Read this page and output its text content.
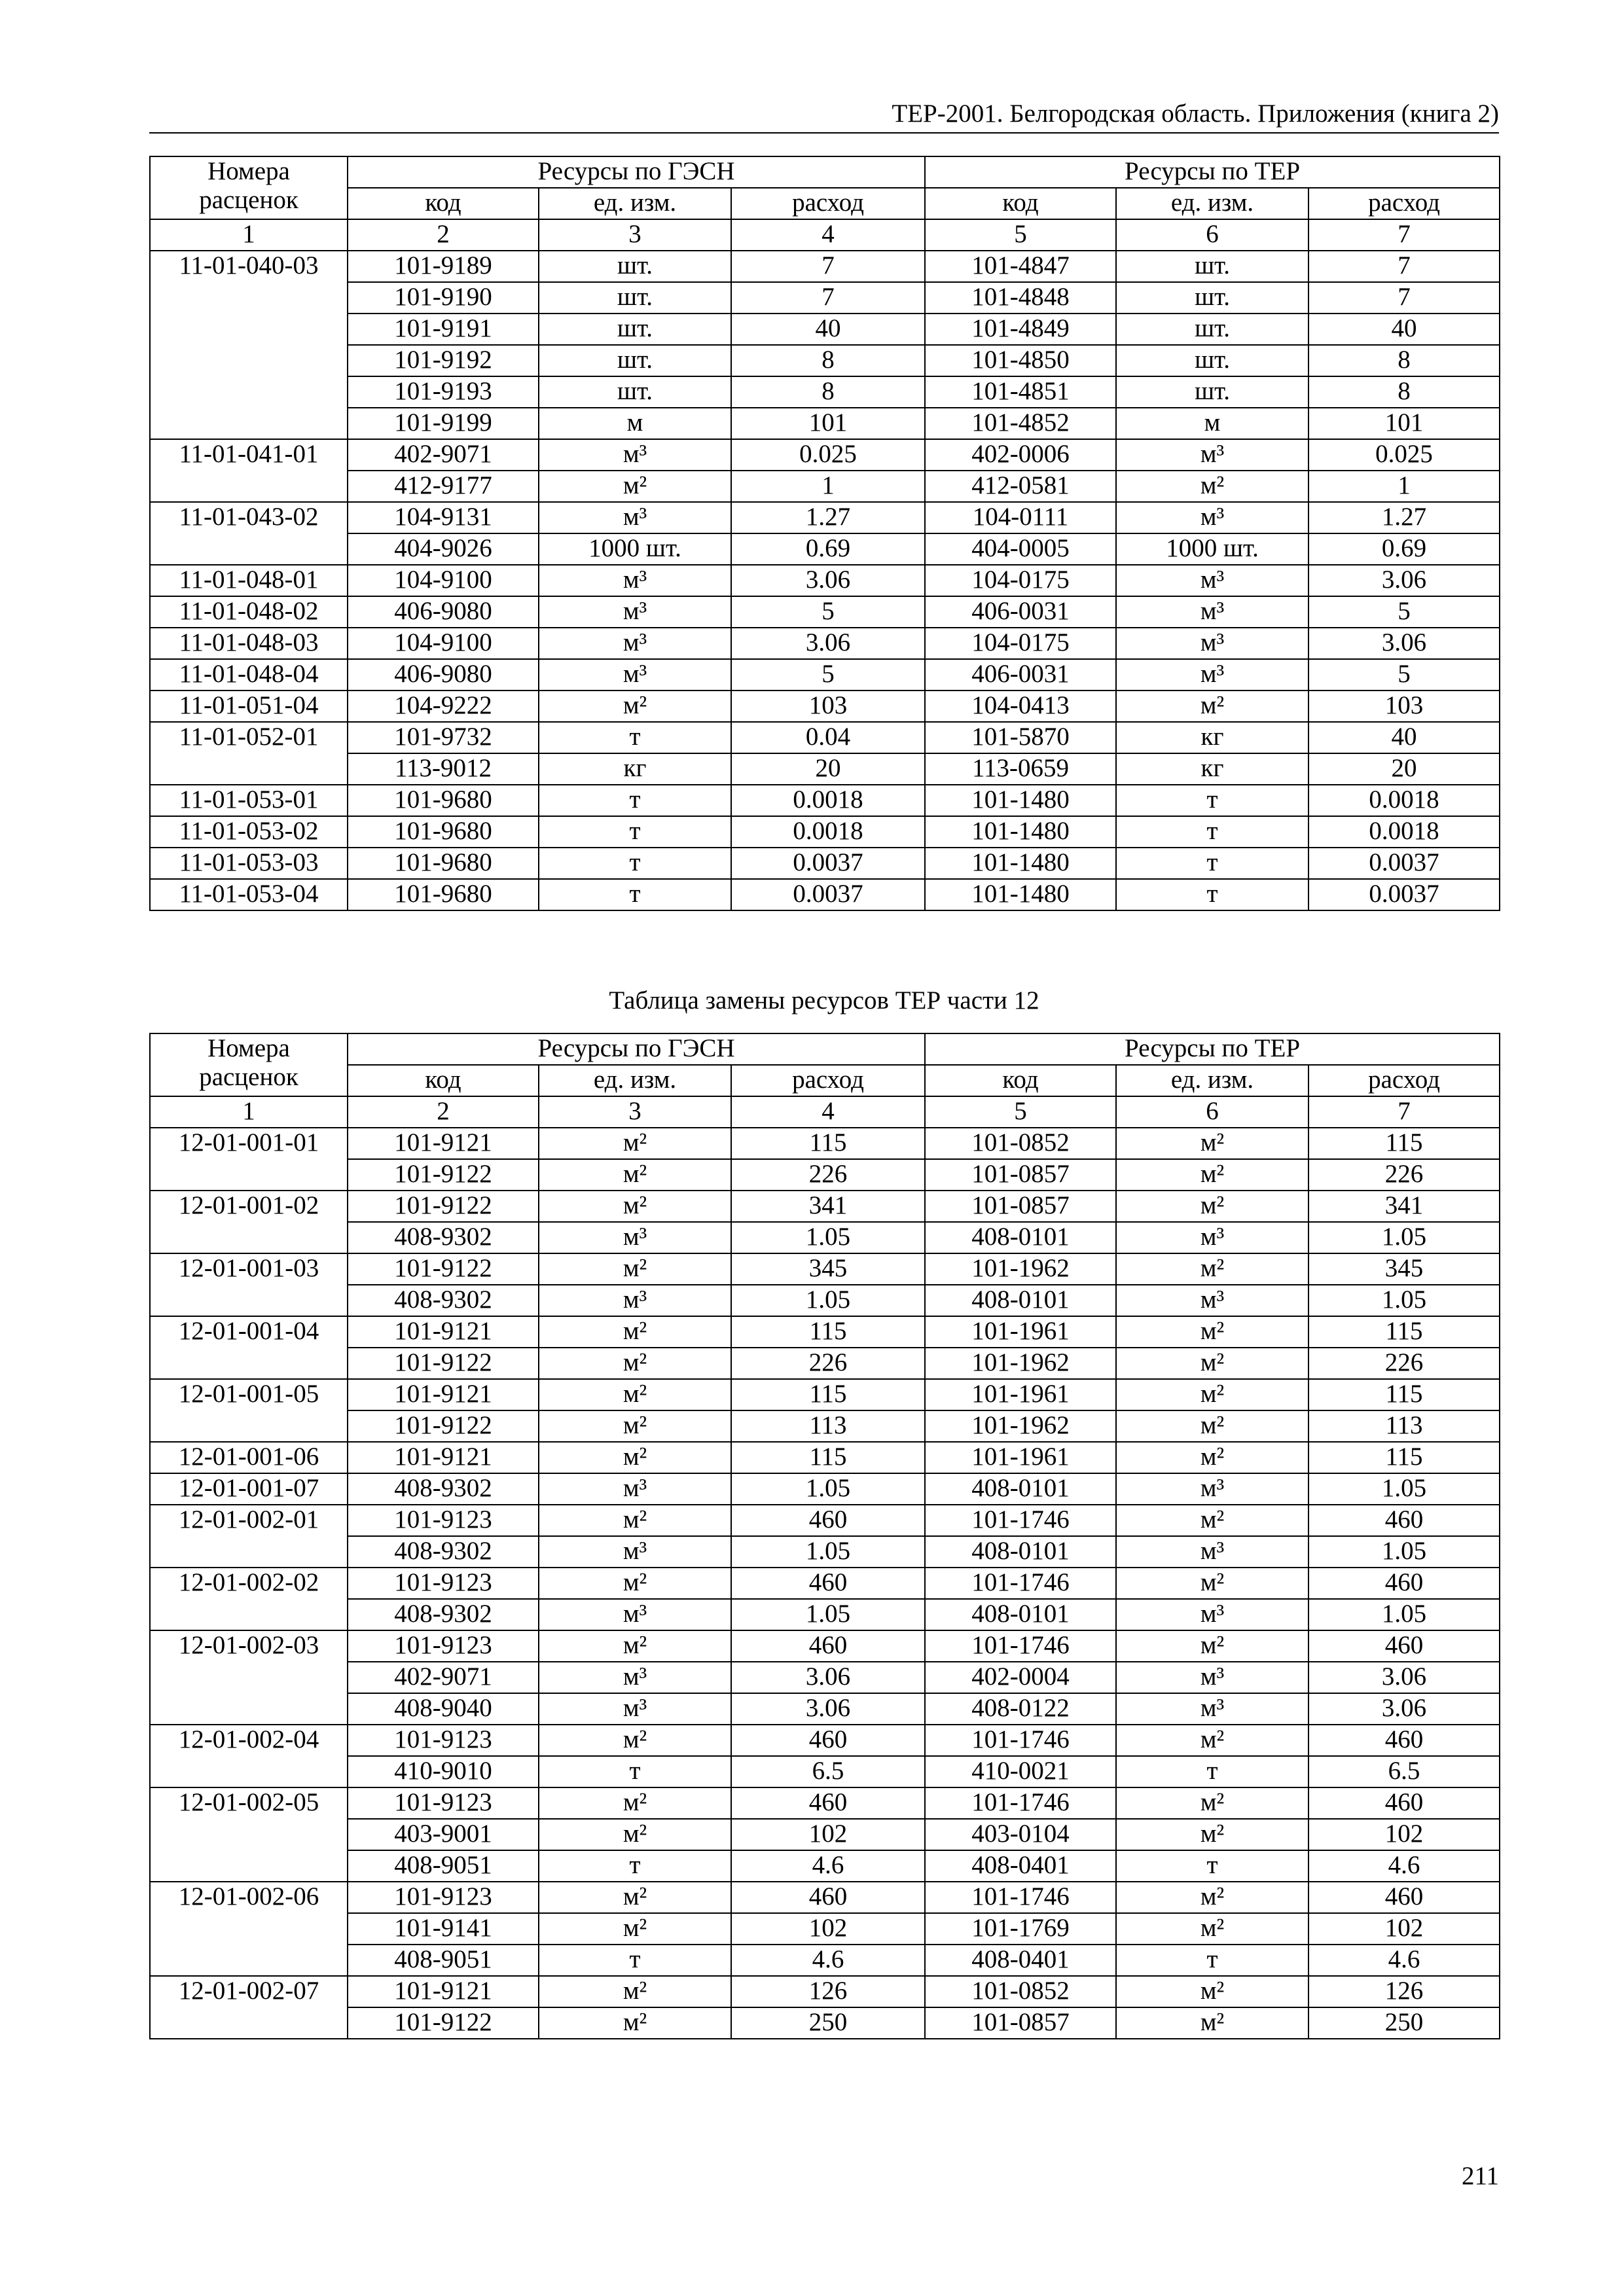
ТЕР-2001. Белгородская область. Приложения (книга 2)
Номера
расценок	Ресурсы по ГЭСН			Ресурсы по ТЕР		
	код	ед. изм.	расход	код	ед. изм.	расход
1	2	3	4	5	6	7
11-01-040-03	101-9189	шт.	7	101-4847	шт.	7
	101-9190	шт.	7	101-4848	шт.	7
	101-9191	шт.	40	101-4849	шт.	40
	101-9192	шт.	8	101-4850	шт.	8
	101-9193	шт.	8	101-4851	шт.	8
	101-9199	м	101	101-4852	м	101
11-01-041-01	402-9071	м³	0.025	402-0006	м³	0.025
	412-9177	м²	1	412-0581	м²	1
11-01-043-02	104-9131	м³	1.27	104-0111	м³	1.27
	404-9026	1000 шт.	0.69	404-0005	1000 шт.	0.69
11-01-048-01	104-9100	м³	3.06	104-0175	м³	3.06
11-01-048-02	406-9080	м³	5	406-0031	м³	5
11-01-048-03	104-9100	м³	3.06	104-0175	м³	3.06
11-01-048-04	406-9080	м³	5	406-0031	м³	5
11-01-051-04	104-9222	м²	103	104-0413	м²	103
11-01-052-01	101-9732	т	0.04	101-5870	кг	40
	113-9012	кг	20	113-0659	кг	20
11-01-053-01	101-9680	т	0.0018	101-1480	т	0.0018
11-01-053-02	101-9680	т	0.0018	101-1480	т	0.0018
11-01-053-03	101-9680	т	0.0037	101-1480	т	0.0037
11-01-053-04	101-9680	т	0.0037	101-1480	т	0.0037
Таблица замены ресурсов ТЕР части 12
Номера
расценок	Ресурсы по ГЭСН			Ресурсы по ТЕР		
	код	ед. изм.	расход	код	ед. изм.	расход
1	2	3	4	5	6	7
12-01-001-01	101-9121	м²	115	101-0852	м²	115
	101-9122	м²	226	101-0857	м²	226
12-01-001-02	101-9122	м²	341	101-0857	м²	341
	408-9302	м³	1.05	408-0101	м³	1.05
12-01-001-03	101-9122	м²	345	101-1962	м²	345
	408-9302	м³	1.05	408-0101	м³	1.05
12-01-001-04	101-9121	м²	115	101-1961	м²	115
	101-9122	м²	226	101-1962	м²	226
12-01-001-05	101-9121	м²	115	101-1961	м²	115
	101-9122	м²	113	101-1962	м²	113
12-01-001-06	101-9121	м²	115	101-1961	м²	115
12-01-001-07	408-9302	м³	1.05	408-0101	м³	1.05
12-01-002-01	101-9123	м²	460	101-1746	м²	460
	408-9302	м³	1.05	408-0101	м³	1.05
12-01-002-02	101-9123	м²	460	101-1746	м²	460
	408-9302	м³	1.05	408-0101	м³	1.05
12-01-002-03	101-9123	м²	460	101-1746	м²	460
	402-9071	м³	3.06	402-0004	м³	3.06
	408-9040	м³	3.06	408-0122	м³	3.06
12-01-002-04	101-9123	м²	460	101-1746	м²	460
	410-9010	т	6.5	410-0021	т	6.5
12-01-002-05	101-9123	м²	460	101-1746	м²	460
	403-9001	м²	102	403-0104	м²	102
	408-9051	т	4.6	408-0401	т	4.6
12-01-002-06	101-9123	м²	460	101-1746	м²	460
	101-9141	м²	102	101-1769	м²	102
	408-9051	т	4.6	408-0401	т	4.6
12-01-002-07	101-9121	м²	126	101-0852	м²	126
	101-9122	м²	250	101-0857	м²	250
211
